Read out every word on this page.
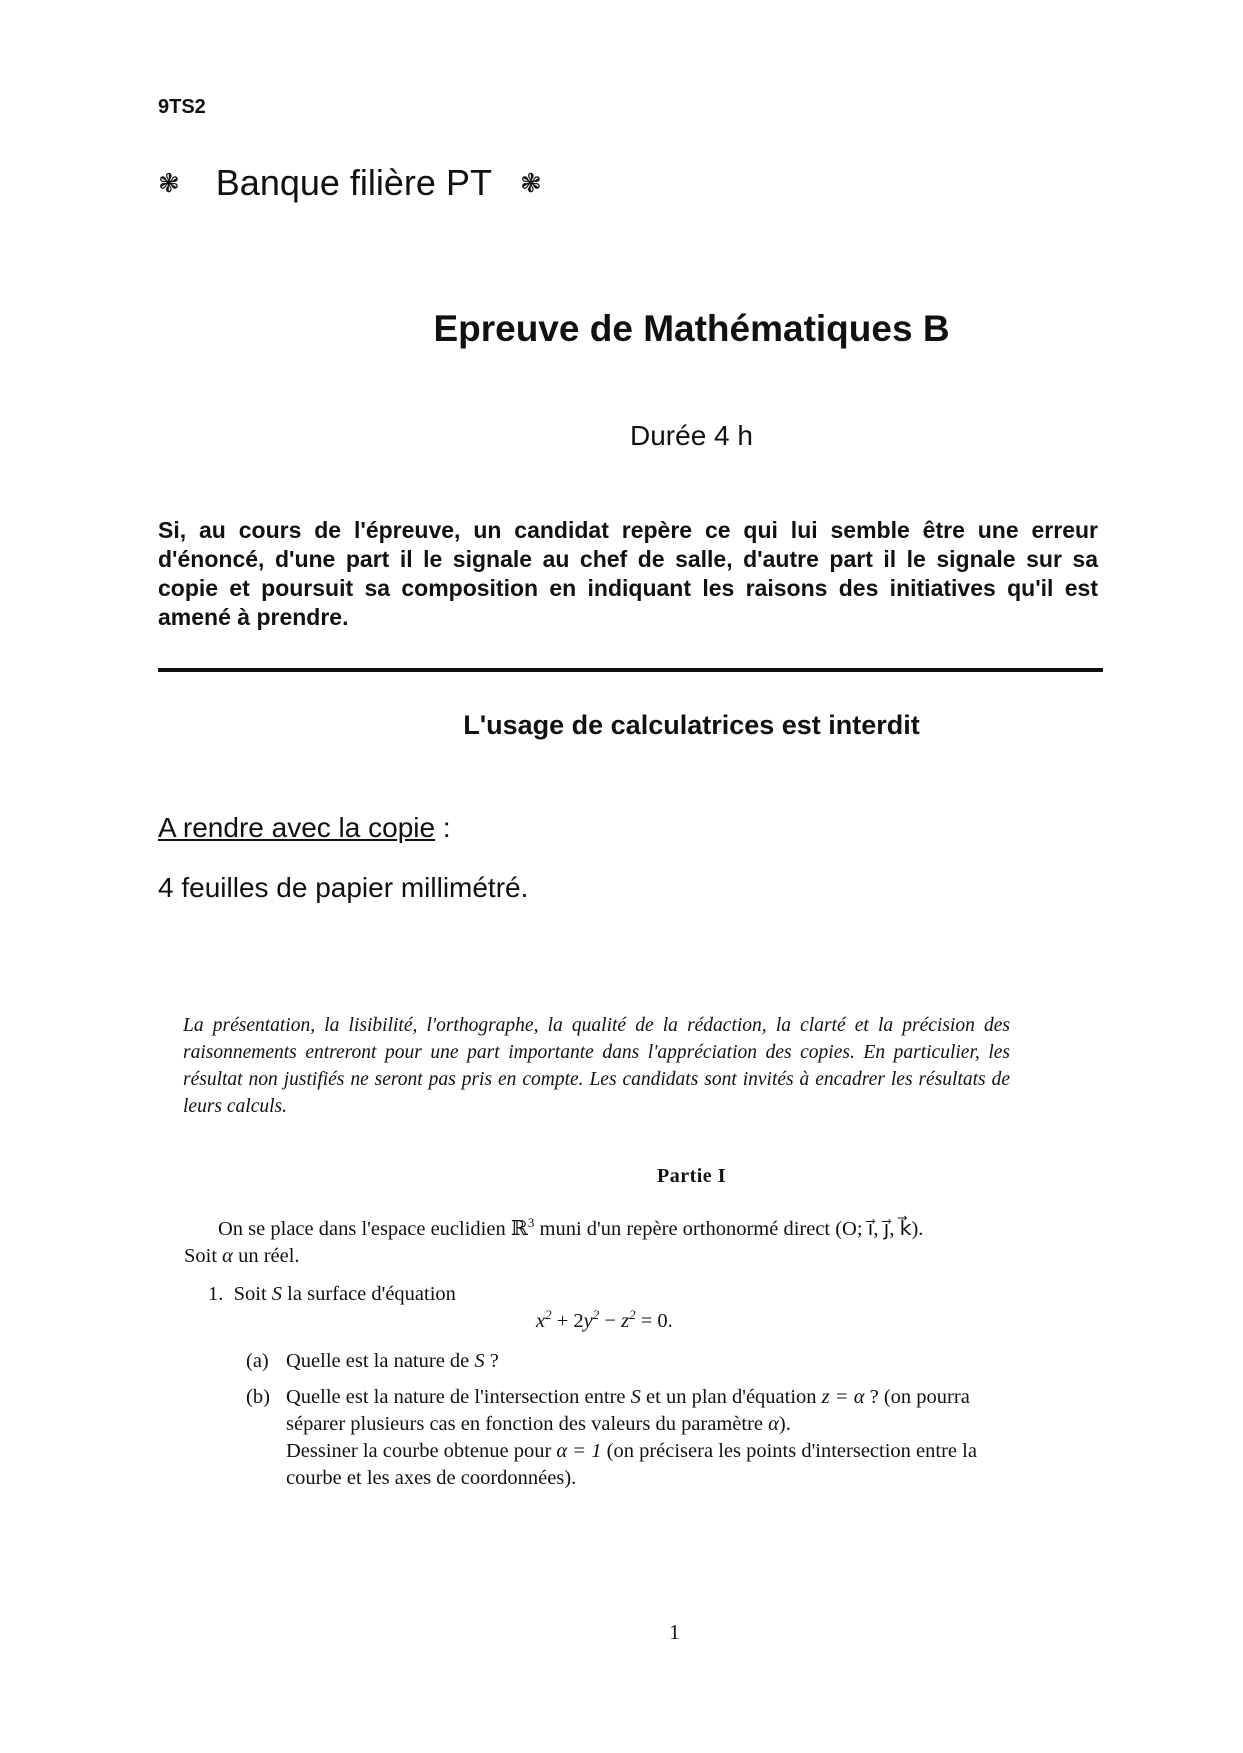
9TS2
❃ Banque filière PT ❃
Epreuve de Mathématiques B
Durée 4 h
Si, au cours de l'épreuve, un candidat repère ce qui lui semble être une erreur d'énoncé, d'une part il le signale au chef de salle, d'autre part il le signale sur sa copie et poursuit sa composition en indiquant les raisons des initiatives qu'il est amené à prendre.
L'usage de calculatrices est interdit
A rendre avec la copie :
4 feuilles de papier millimétré.
La présentation, la lisibilité, l'orthographe, la qualité de la rédaction, la clarté et la précision des raisonnements entreront pour une part importante dans l'appréciation des copies. En particulier, les résultat non justifiés ne seront pas pris en compte. Les candidats sont invités à encadrer les résultats de leurs calculs.
Partie I

On se place dans l'espace euclidien ℝ$^3$ muni d'un repère orthonormé direct (O; i⃗, j⃗, k⃗).

Soit α un réel.

1. Soit S la surface d'équation
$x^2 + 2y^2 - z^2 = 0$.
(a) Quelle est la nature de S ?
(b) Quelle est la nature de l'intersection entre S et un plan d'équation z = α ? (on pourra séparer plusieurs cas en fonction des valeurs du paramètre α).

Dessiner la courbe obtenue pour α = 1 (on précisera les points d'intersection entre la courbe et les axes de coordonnées).

1
